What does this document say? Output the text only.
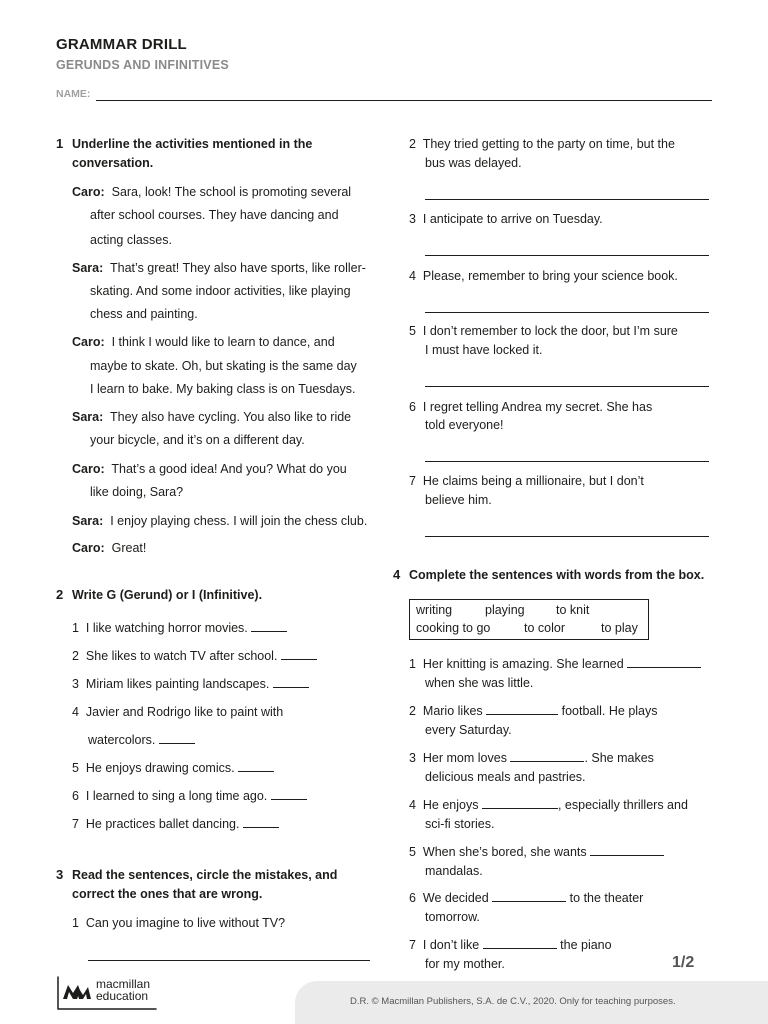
GRAMMAR DRILL
GERUNDS AND INFINITIVES
NAME:
1 Underline the activities mentioned in the
conversation.
Caro: Sara, look! The school is promoting several
after school courses. They have dancing and
acting classes.
Sara: That’s great! They also have sports, like roller-
skating. And some indoor activities, like playing
chess and painting.
Caro: I think I would like to learn to dance, and
maybe to skate. Oh, but skating is the same day
I learn to bake. My baking class is on Tuesdays.
Sara: They also have cycling. You also like to ride
your bicycle, and it’s on a different day.
Caro: That’s a good idea! And you? What do you
like doing, Sara?
Sara: I enjoy playing chess. I will join the chess club.
Caro: Great!
2 Write G (Gerund) or I (Infinitive).
1 I like watching horror movies.
2 She likes to watch TV after school.
3 Miriam likes painting landscapes.
4 Javier and Rodrigo like to paint with
watercolors.
5 He enjoys drawing comics.
6 I learned to sing a long time ago.
7 He practices ballet dancing.
3 Read the sentences, circle the mistakes, and
correct the ones that are wrong.
1 Can you imagine to live without TV?
2 They tried getting to the party on time, but the
bus was delayed.
3 I anticipate to arrive on Tuesday.
4 Please, remember to bring your science book.
5 I don’t remember to lock the door, but I’m sure
I must have locked it.
6 I regret telling Andrea my secret. She has
told everyone!
7 He claims being a millionaire, but I don’t
believe him.
4 Complete the sentences with words from the box.
writing	playing	to knit
cooking to go	to color	to play
1 Her knitting is amazing. She learned
when she was little.
2 Mario likes	football. He plays
every Saturday.
3 Her mom loves	. She makes
delicious meals and pastries.
4 He enjoys	, especially thrillers and
sci-fi stories.
5 When she’s bored, she wants
mandalas.
6 We decided	to the theater
tomorrow.
7 I don’t like	the piano
for my mother.	1/2
D.R. © Macmillan Publishers, S.A. de C.V., 2020. Only for teaching purposes.
macmillan
education
